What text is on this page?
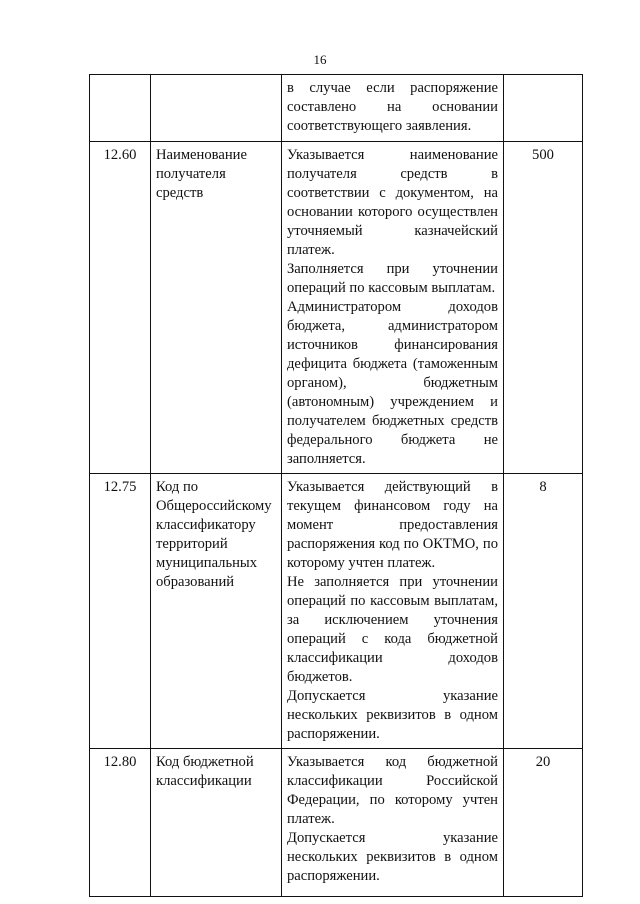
16

		в случае если распоряжение составлено на основании соответствующего заявления.	

12.60	Наименование получателя средств	Указывается наименование получателя средств в соответствии с документом, на основании которого осуществлен уточняемый казначейский платеж.

Заполняется при уточнении операций по кассовым выплатам.

Администратором доходов бюджета, администратором источников финансирования дефицита бюджета (таможенным органом), бюджетным (автономным) учреждением и получателем бюджетных средств федерального бюджета не заполняется.	500
12.75	Код по Общероссийскому классификатору территорий муниципальных образований	Указывается действующий в текущем финансовом году на момент предоставления распоряжения код по ОКТМО, по которому учтен платеж.

Не заполняется при уточнении операций по кассовым выплатам, за исключением уточнения операций с кода бюджетной классификации доходов бюджетов.

Допускается указание нескольких реквизитов в одном распоряжении.	8
12.80	Код бюджетной классификации	Указывается код бюджетной классификации Российской Федерации, по которому учтен платеж.

Допускается указание нескольких реквизитов в одном распоряжении.	20
